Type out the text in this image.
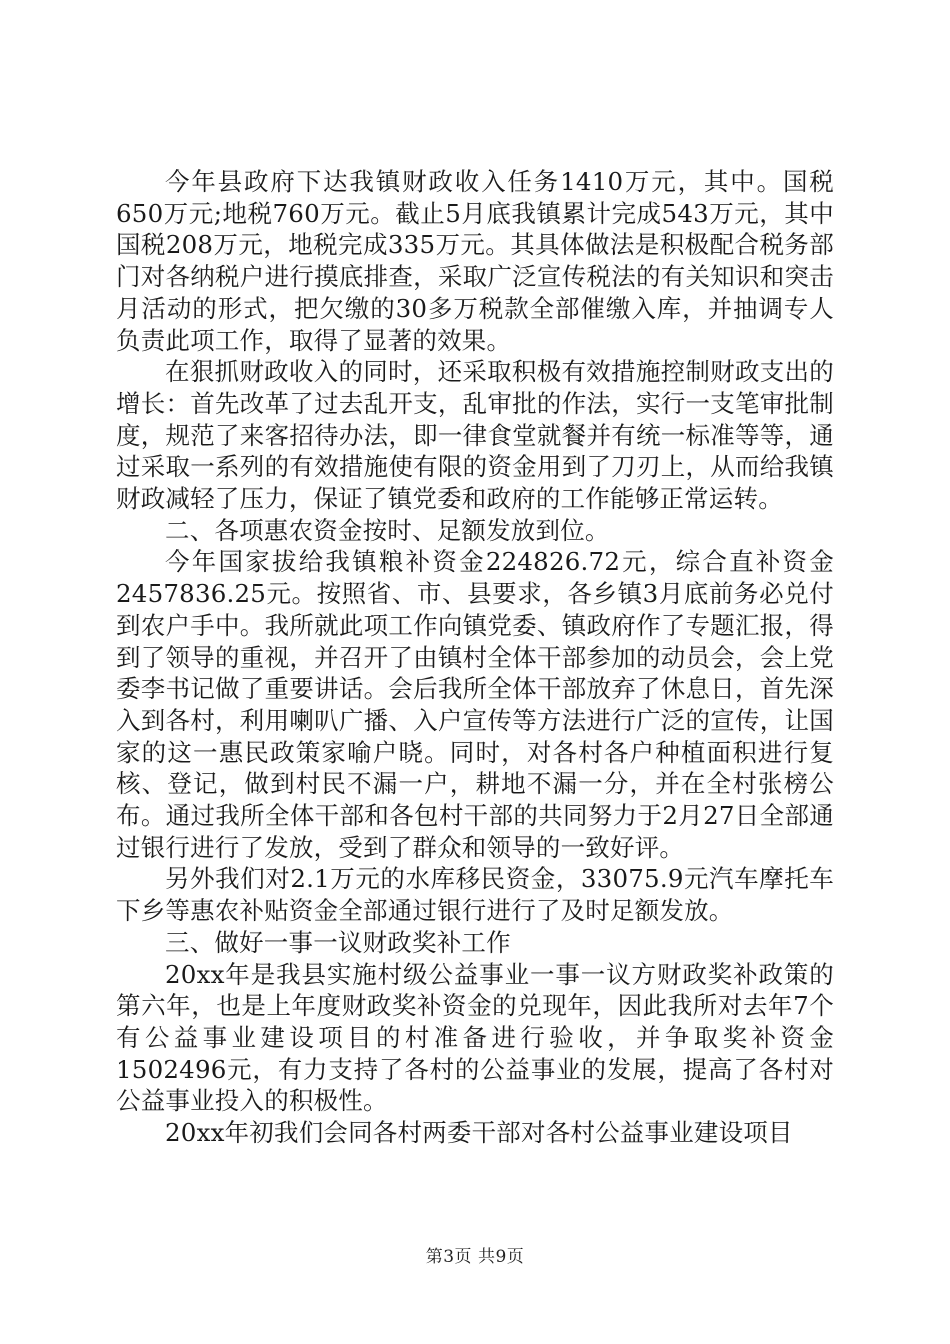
今年县政府下达我镇财政收入任务1410万元，其中。国税650万元;地税760万元。截止5月底我镇累计完成543万元，其中国税208万元，地税完成335万元。其具体做法是积极配合税务部门对各纳税户进行摸底排查，采取广泛宣传税法的有关知识和突击月活动的形式，把欠缴的30多万税款全部催缴入库，并抽调专人负责此项工作，取得了显著的效果。

在狠抓财政收入的同时，还采取积极有效措施控制财政支出的增长：首先改革了过去乱开支，乱审批的作法，实行一支笔审批制度，规范了来客招待办法，即一律食堂就餐并有统一标准等等，通过采取一系列的有效措施使有限的资金用到了刀刃上，从而给我镇财政减轻了压力，保证了镇党委和政府的工作能够正常运转。

二、各项惠农资金按时、足额发放到位。

今年国家拔给我镇粮补资金224826.72元，综合直补资金2457836.25元。按照省、市、县要求，各乡镇3月底前务必兑付到农户手中。我所就此项工作向镇党委、镇政府作了专题汇报，得到了领导的重视，并召开了由镇村全体干部参加的动员会，会上党委李书记做了重要讲话。会后我所全体干部放弃了休息日，首先深入到各村，利用喇叭广播、入户宣传等方法进行广泛的宣传，让国家的这一惠民政策家喻户晓。同时，对各村各户种植面积进行复核、登记，做到村民不漏一户，耕地不漏一分，并在全村张榜公布。通过我所全体干部和各包村干部的共同努力于2月27日全部通过银行进行了发放，受到了群众和领导的一致好评。

另外我们对2.1万元的水库移民资金，33075.9元汽车摩托车下乡等惠农补贴资金全部通过银行进行了及时足额发放。

三、做好一事一议财政奖补工作

20xx年是我县实施村级公益事业一事一议方财政奖补政策的第六年，也是上年度财政奖补资金的兑现年，因此我所对去年7个有公益事业建设项目的村准备进行验收，并争取奖补资金1502496元，有力支持了各村的公益事业的发展，提高了各村对公益事业投入的积极性。

20xx年初我们会同各村两委干部对各村公益事业建设项目

第3页 共9页
